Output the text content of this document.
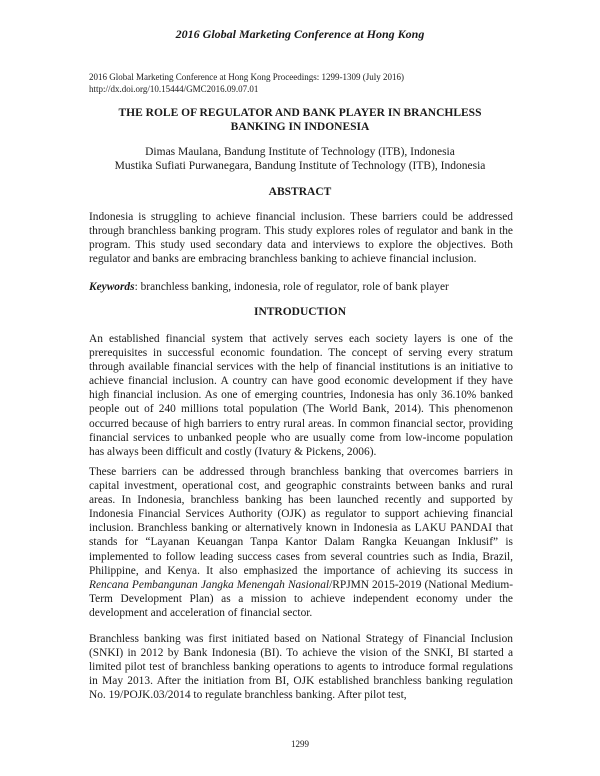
2016 Global Marketing Conference at Hong Kong
2016 Global Marketing Conference at Hong Kong Proceedings: 1299-1309 (July 2016)
http://dx.doi.org/10.15444/GMC2016.09.07.01
THE ROLE OF REGULATOR AND BANK PLAYER IN BRANCHLESS
BANKING IN INDONESIA
Dimas Maulana, Bandung Institute of Technology (ITB), Indonesia
Mustika Sufiati Purwanegara, Bandung Institute of Technology (ITB), Indonesia
ABSTRACT

Indonesia is struggling to achieve financial inclusion. These barriers could be addressed through branchless banking program. This study explores roles of regulator and bank in the program. This study used secondary data and interviews to explore the objectives. Both regulator and banks are embracing branchless banking to achieve financial inclusion.

Keywords: branchless banking, indonesia, role of regulator, role of bank player
INTRODUCTION

An established financial system that actively serves each society layers is one of the prerequisites in successful economic foundation. The concept of serving every stratum through available financial services with the help of financial institutions is an initiative to achieve financial inclusion. A country can have good economic development if they have high financial inclusion. As one of emerging countries, Indonesia has only 36.10% banked people out of 240 millions total population (The World Bank, 2014). This phenomenon occurred because of high barriers to entry rural areas. In common financial sector, providing financial services to unbanked people who are usually come from low-income population has always been difficult and costly (Ivatury & Pickens, 2006).

These barriers can be addressed through branchless banking that overcomes barriers in capital investment, operational cost, and geographic constraints between banks and rural areas. In Indonesia, branchless banking has been launched recently and supported by Indonesia Financial Services Authority (OJK) as regulator to support achieving financial inclusion. Branchless banking or alternatively known in Indonesia as LAKU PANDAI that stands for “Layanan Keuangan Tanpa Kantor Dalam Rangka Keuangan Inklusif” is implemented to follow leading success cases from several countries such as India, Brazil, Philippine, and Kenya. It also emphasized the importance of achieving its success in Rencana Pembangunan Jangka Menengah Nasional/RPJMN 2015-2019 (National Medium-Term Development Plan) as a mission to achieve independent economy under the development and acceleration of financial sector.

Branchless banking was first initiated based on National Strategy of Financial Inclusion (SNKI) in 2012 by Bank Indonesia (BI). To achieve the vision of the SNKI, BI started a limited pilot test of branchless banking operations to agents to introduce formal regulations in May 2013. After the initiation from BI, OJK established branchless banking regulation No. 19/POJK.03/2014 to regulate branchless banking. After pilot test,

1299
